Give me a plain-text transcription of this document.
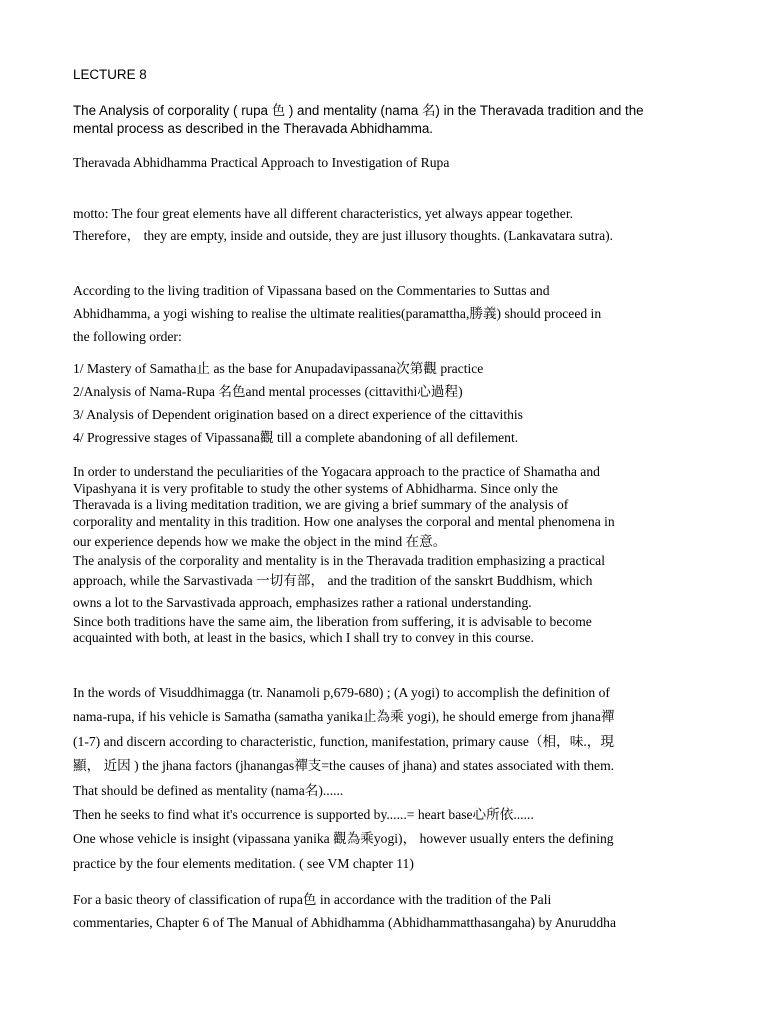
LECTURE 8

The Analysis of corporality ( rupa 色 ) and mentality (nama 名) in the Theravada tradition and the
mental process as described in the Theravada Abhidhamma.

Theravada Abhidhamma Practical Approach to Investigation of Rupa

motto: The four great elements have all different characteristics, yet always appear together.
Therefore， they are empty, inside and outside, they are just illusory thoughts. (Lankavatara sutra).

According to the living tradition of Vipassana based on the Commentaries to Suttas and
Abhidhamma, a yogi wishing to realise the ultimate realities(paramattha,勝義) should proceed in
the following order:

1/ Mastery of Samatha止 as the base for Anupadavipassana次第觀 practice
2/Analysis of Nama-Rupa 名色and mental processes (cittavithi心過程)
3/ Analysis of Dependent origination based on a direct experience of the cittavithis
4/ Progressive stages of Vipassana觀 till a complete abandoning of all defilement.

In order to understand the peculiarities of the Yogacara approach to the practice of Shamatha and
Vipashyana it is very profitable to study the other systems of Abhidharma. Since only the
Theravada is a living meditation tradition, we are giving a brief summary of the analysis of
corporality and mentality in this tradition. How one analyses the corporal and mental phenomena in
our experience depends how we make the object in the mind 在意。
The analysis of the corporality and mentality is in the Theravada tradition emphasizing a practical
approach, while the Sarvastivada 一切有部， and the tradition of the sanskrt Buddhism, which
owns a lot to the Sarvastivada approach, emphasizes rather a rational understanding.
Since both traditions have the same aim, the liberation from suffering, it is advisable to become
acquainted with both, at least in the basics, which I shall try to convey in this course.

In the words of Visuddhimagga (tr. Nanamoli p,679-680) ; (A yogi) to accomplish the definition of
nama-rupa, if his vehicle is Samatha (samatha yanika止為乘 yogi), he should emerge from jhana禪
(1-7) and discern according to characteristic, function, manifestation, primary cause（相，味.，現
顯， 近因 ) the jhana factors (jhanangas禪支=the causes of jhana) and states associated with them.
That should be defined as mentality (nama名)......
Then he seeks to find what it's occurrence is supported by......= heart base心所依......
One whose vehicle is insight (vipassana yanika 觀為乘yogi)， however usually enters the defining
practice by the four elements meditation. ( see VM chapter 11)

For a basic theory of classification of rupa色 in accordance with the tradition of the Pali
commentaries, Chapter 6 of The Manual of Abhidhamma (Abhidhammatthasangaha) by Anuruddha
